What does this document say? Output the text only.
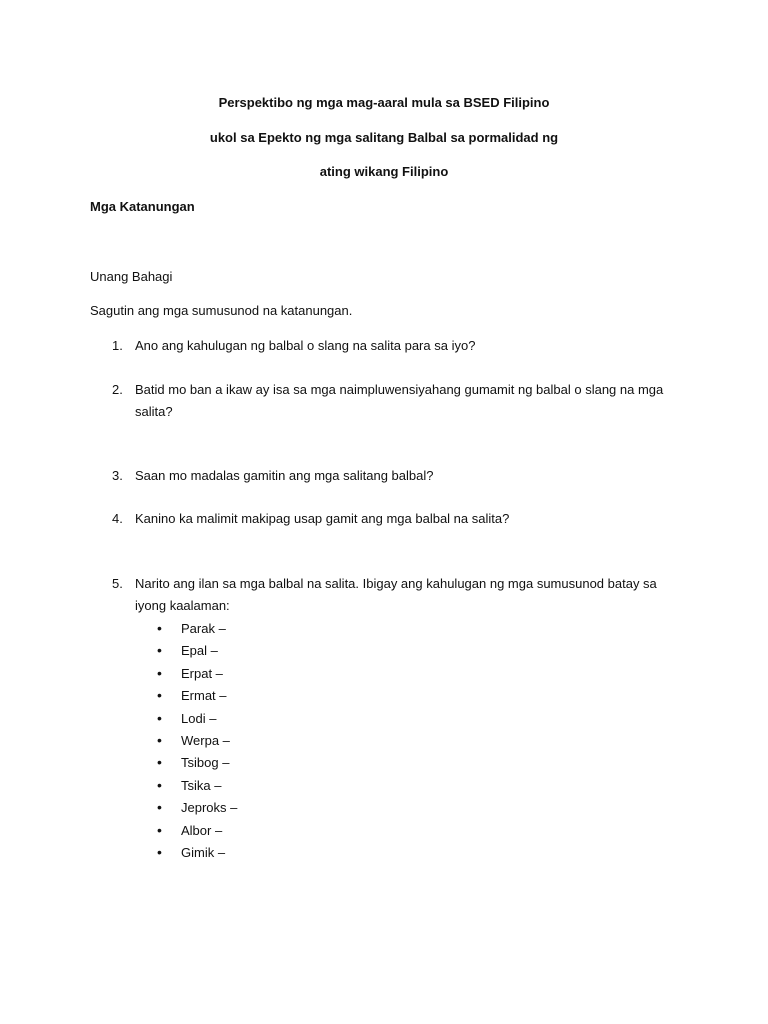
Perspektibo ng mga mag-aaral mula sa BSED Filipino
ukol sa Epekto ng mga salitang Balbal sa pormalidad ng
ating wikang Filipino
Mga Katanungan
Unang Bahagi
Sagutin ang mga sumusunod na katanungan.
1. Ano ang kahulugan ng balbal o slang na salita para sa iyo?
2. Batid mo ban a ikaw ay isa sa mga naimpluwensiyahang gumamit ng balbal o slang na mga salita?
3. Saan mo madalas gamitin ang mga salitang balbal?
4. Kanino ka malimit makipag usap gamit ang mga balbal na salita?
5. Narito ang ilan sa mga balbal na salita. Ibigay ang kahulugan ng mga sumusunod batay sa iyong kaalaman:
• Parak –
• Epal –
• Erpat –
• Ermat –
• Lodi –
• Werpa –
• Tsibog –
• Tsika –
• Jeproks –
• Albor –
• Gimik –
